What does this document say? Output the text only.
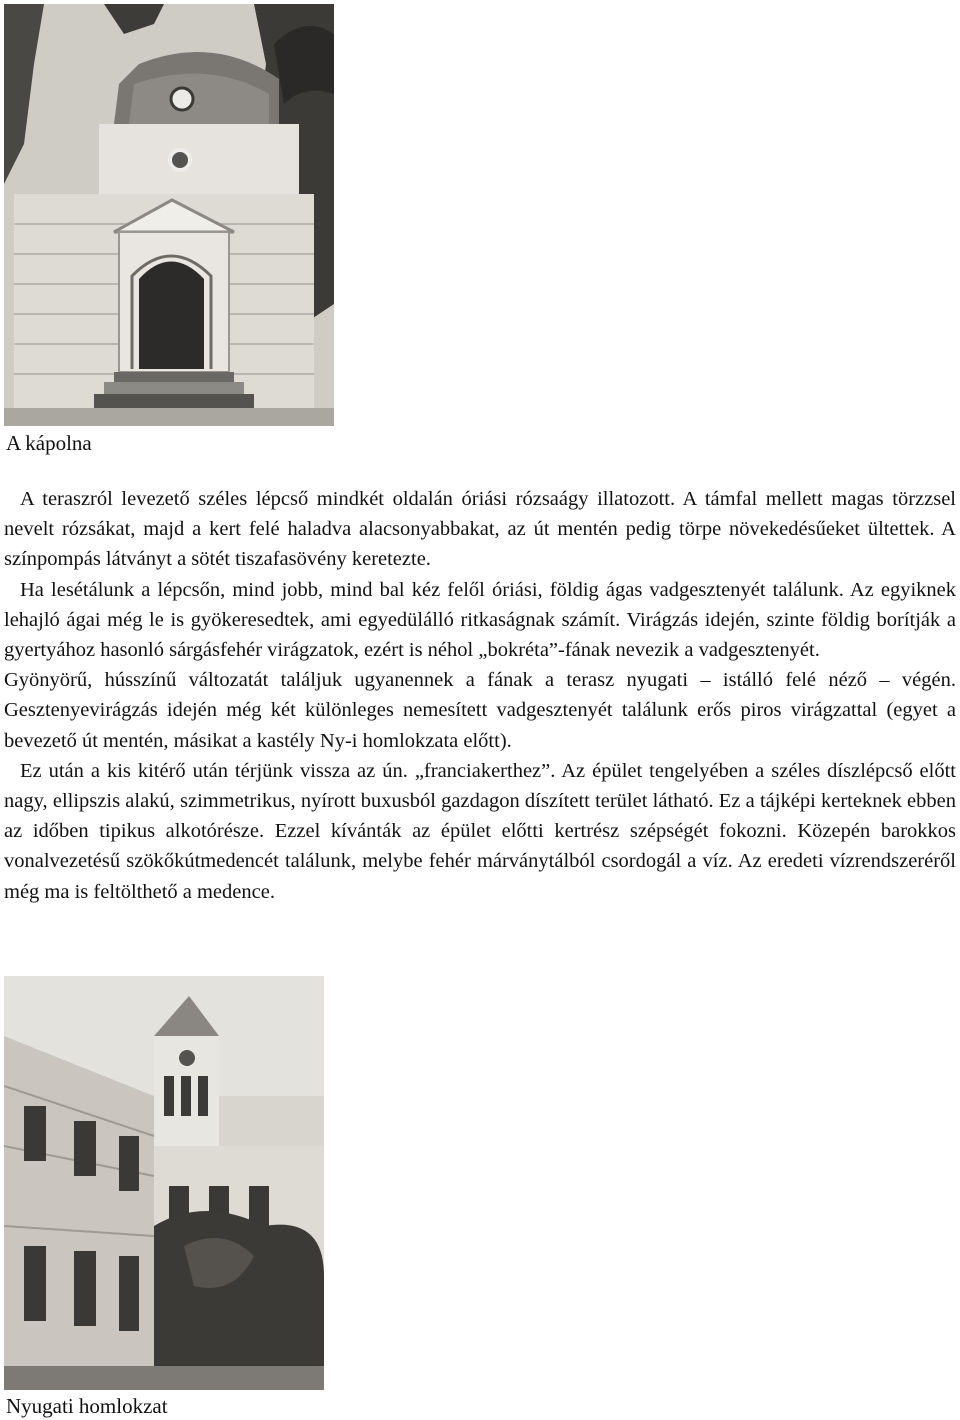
A kápolna

A teraszról levezető széles lépcső mindkét oldalán óriási rózsaágy illatozott. A támfal mellett magas törzzsel nevelt rózsákat, majd a kert felé haladva alacsonyabbakat, az út mentén pedig törpe növekedésűeket ültettek. A színpompás látványt a sötét tiszafasövény keretezte.

Ha lesétálunk a lépcsőn, mind jobb, mind bal kéz felől óriási, földig ágas vadgesztenyét találunk. Az egyiknek lehajló ágai még le is gyökeresedtek, ami egyedülálló ritkaságnak számít. Virágzás idején, szinte földig borítják a gyertyához hasonló sárgásfehér virágzatok, ezért is néhol „bokréta”-fának nevezik a vadgesztenyét.

Gyönyörű, hússzínű változatát találjuk ugyanennek a fának a terasz nyugati – istálló felé néző – végén. Gesztenyevirágzás idején még két különleges nemesített vadgesztenyét találunk erős piros virágzattal (egyet a bevezető út mentén, másikat a kastély Ny-i homlokzata előtt).

Ez után a kis kitérő után térjünk vissza az ún. „franciakerthez”. Az épület tengelyében a széles díszlépcső előtt nagy, ellipszis alakú, szimmetrikus, nyírott buxusból gazdagon díszített terület látható. Ez a tájképi kerteknek ebben az időben tipikus alkotórésze. Ezzel kívánták az épület előtti kertrész szépségét fokozni. Közepén barokkos vonalvezetésű szökőkútmedencét találunk, melybe fehér márványtálból csordogál a víz. Az eredeti vízrendszeréről még ma is feltölthető a medence.

Nyugati homlokzat
